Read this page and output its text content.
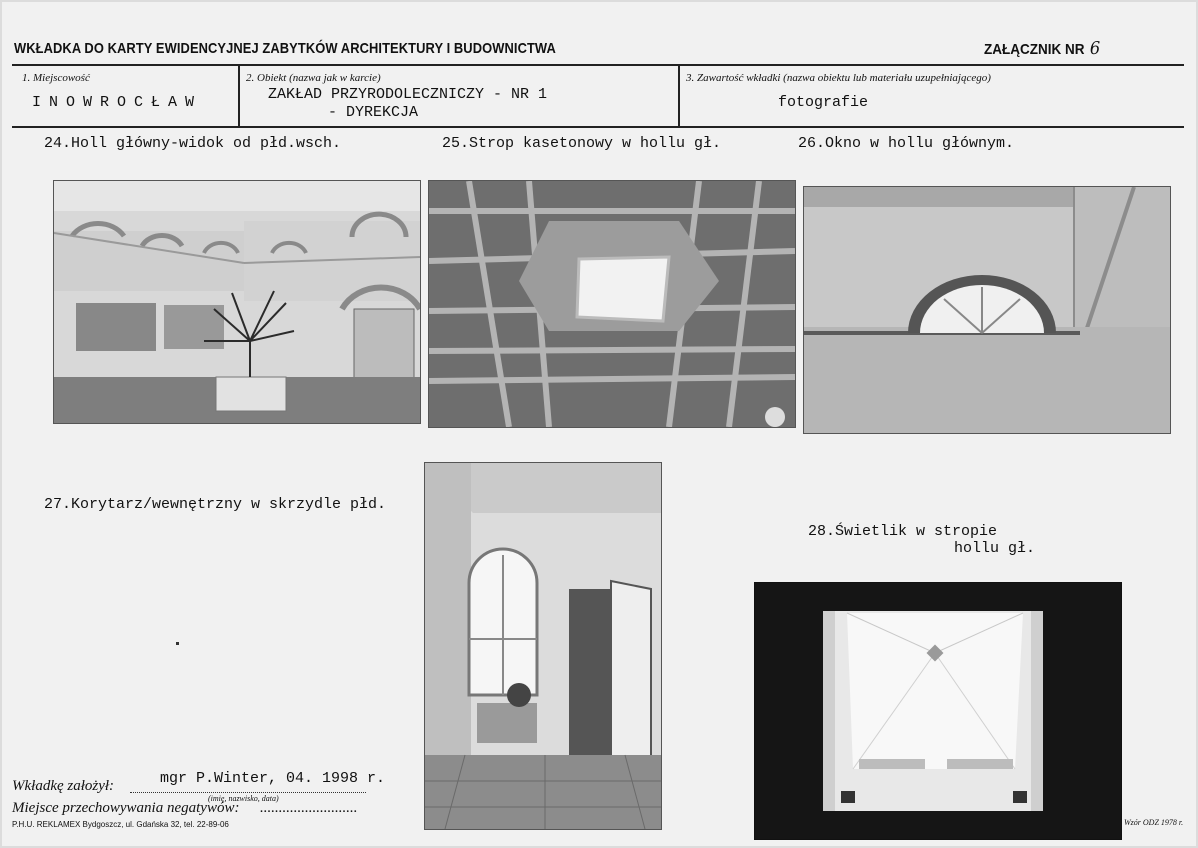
WKŁADKA DO KARTY EWIDENCYJNEJ ZABYTKÓW ARCHITEKTURY I BUDOWNICTWA	ZAŁĄCZNIK NR 6
1. Miejscowość
INOWROCŁAW
2. Obiekt (nazwa jak w karcie)
ZAKŁAD PRZYRODOLECZNICZY - NR 1
- DYREKCJA
3. Zawartość wkładki (nazwa obiektu lub materiału uzupełniającego)
fotografie
24.Holl główny-widok od płd.wsch.	25.Strop kasetonowy w hollu gł.	26.Okno w hollu głównym.
27.Korytarz/wewnętrzny w skrzydle płd.
28.Świetlik w stropie
hollu gł.
Wkładkę założył:	mgr P.Winter, 04. 1998 r.
(imię, nazwisko, data)
Miejsce przechowywania negatywów: ..........................
P.H.U. REKLAMEX Bydgoszcz, ul. Gdańska 32, tel. 22-89-06	Wzór ODZ 1978 r.
